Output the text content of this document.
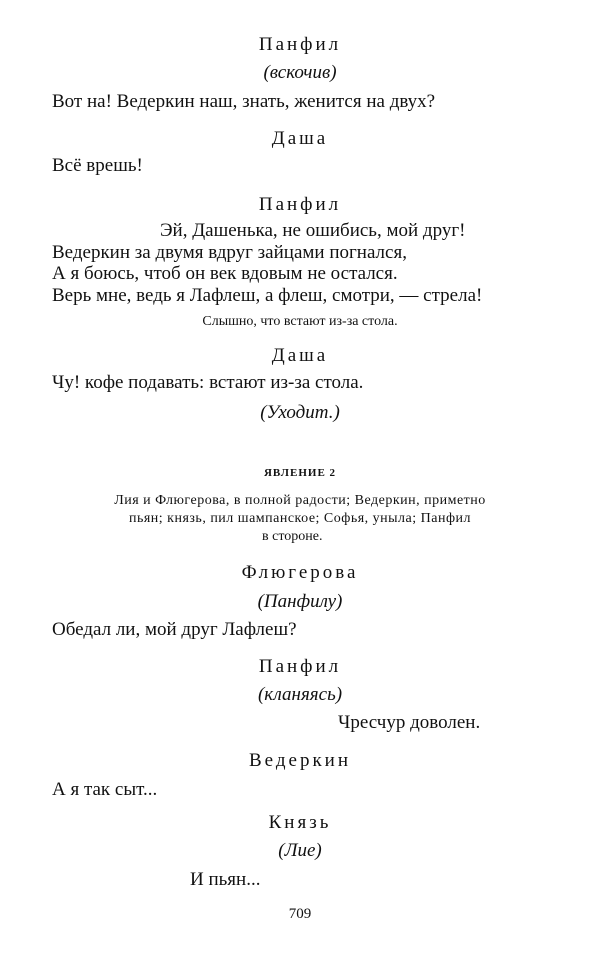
Панфил
(вскочив)
Вот на! Ведеркин наш, знать, женится на двух?
Даша
Всё врешь!
Панфил
Эй, Дашенька, не ошибись, мой друг!
Ведеркин за двумя вдруг зайцами погнался,
А я боюсь, чтоб он век вдовым не остался.
Верь мне, ведь я Лафлеш, а флеш, смотри, — стрела!
Слышно, что встают из-за стола.
Даша
Чу! кофе подавать: встают из-за стола.
(Уходит.)
ЯВЛЕНИЕ 2
Лия и Флюгерова, в полной радости; Ведеркин, приметно
пьян; князь, пил шампанское; Софья, уныла; Панфил
в стороне.
Флюгерова
(Панфилу)
Обедал ли, мой друг Лафлеш?
Панфил
(кланяясь)
Чресчур доволен.
Ведеркин
А я так сыт...
Князь
(Лие)
И пьян...
709
